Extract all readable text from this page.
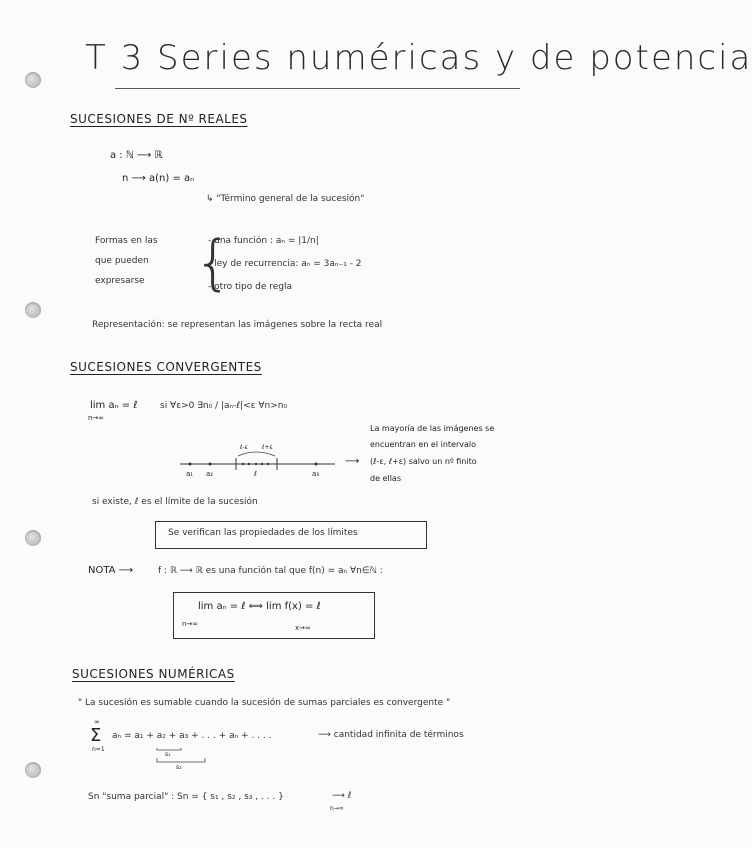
T 3 Series numéricas y de potencia
SUCESIONES DE Nº REALES
a : ℕ ⟶ ℝ
n ⟶ a(n) = aₙ
↳ "Término general de la sucesión"
Formas en las
que pueden
expresarse {
- una función : aₙ = |1/n|
- ley de recurrencia: aₙ = 3aₙ₋₁ - 2
- otro tipo de regla
Representación: se representan las imágenes sobre la recta real
SUCESIONES CONVERGENTES
lim aₙ = ℓ
n→∞
si ∀ε>0 ∃n₀ / |aₙ-ℓ|<ε ∀n>n₀
a₁ a₂	ℓ	a₃
ℓ-ε ℓ+ε
⟶
La mayoría de las imágenes se
encuentran en el intervalo
(ℓ-ε, ℓ+ε) salvo un nº finito
de ellas
si existe, ℓ es el límite de la sucesión
Se verifican las propiedades de los límites
NOTA ⟶	f : ℝ ⟶ ℝ es una función tal que f(n) = aₙ ∀n∈ℕ :
lim aₙ = ℓ ⟺ lim f(x) = ℓ
n→∞	x→∞
SUCESIONES NUMÉRICAS
" La sucesión es sumable cuando la sucesión de sumas parciales es convergente "
∞
Σ
n=1
aₙ = a₁ + a₂ + a₃ + . . . + aₙ + . . . .	⟶ cantidad infinita de términos
s₁
s₂
Sn "suma parcial" : Sn = { s₁ , s₂ , s₃ , . . . }	⟶ ℓ
n→∞
